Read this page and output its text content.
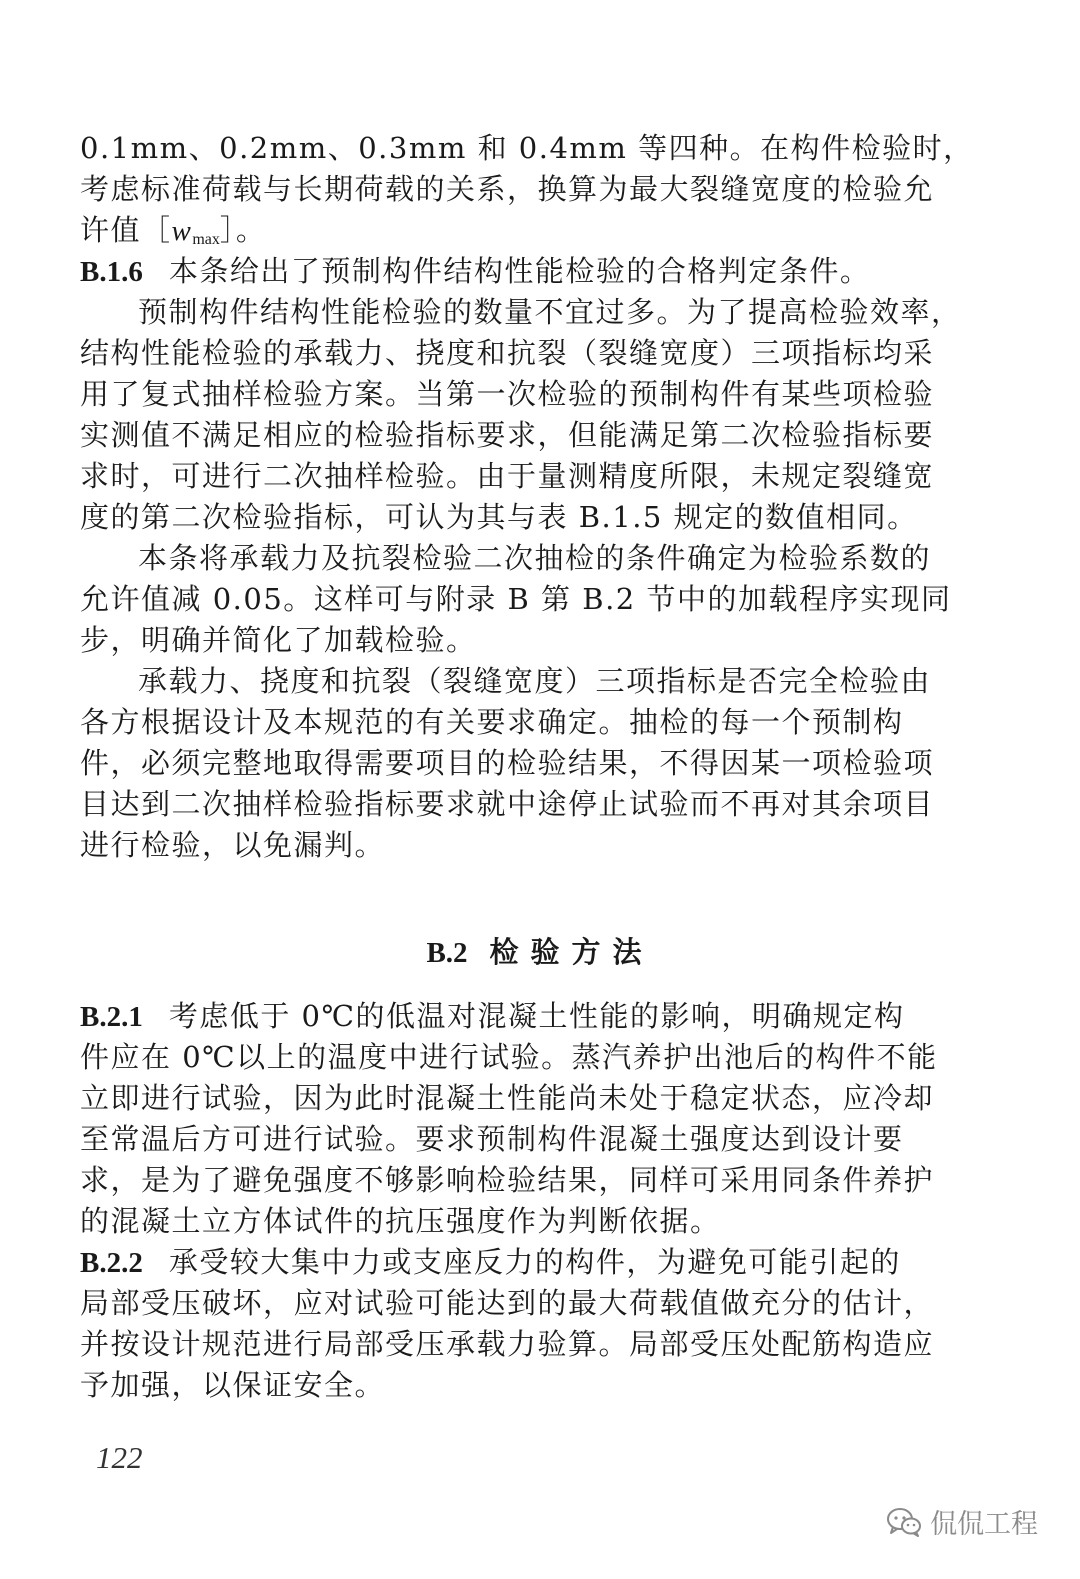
0.1mm、0.2mm、0.3mm 和 0.4mm 等四种。在构件检验时，
考虑标准荷载与长期荷载的关系，换算为最大裂缝宽度的检验允
许值［wmax］。
B.1.6 本条给出了预制构件结构性能检验的合格判定条件。
预制构件结构性能检验的数量不宜过多。为了提高检验效率，
结构性能检验的承载力、挠度和抗裂（裂缝宽度）三项指标均采
用了复式抽样检验方案。当第一次检验的预制构件有某些项检验
实测值不满足相应的检验指标要求，但能满足第二次检验指标要
求时，可进行二次抽样检验。由于量测精度所限，未规定裂缝宽
度的第二次检验指标，可认为其与表 B.1.5 规定的数值相同。
本条将承载力及抗裂检验二次抽检的条件确定为检验系数的
允许值减 0.05。这样可与附录 B 第 B.2 节中的加载程序实现同
步，明确并简化了加载检验。
承载力、挠度和抗裂（裂缝宽度）三项指标是否完全检验由
各方根据设计及本规范的有关要求确定。抽检的每一个预制构
件，必须完整地取得需要项目的检验结果，不得因某一项检验项
目达到二次抽样检验指标要求就中途停止试验而不再对其余项目
进行检验，以免漏判。
B.2 检验方法
B.2.1 考虑低于 0℃的低温对混凝土性能的影响，明确规定构
件应在 0℃以上的温度中进行试验。蒸汽养护出池后的构件不能
立即进行试验，因为此时混凝土性能尚未处于稳定状态，应冷却
至常温后方可进行试验。要求预制构件混凝土强度达到设计要
求，是为了避免强度不够影响检验结果，同样可采用同条件养护
的混凝土立方体试件的抗压强度作为判断依据。
B.2.2 承受较大集中力或支座反力的构件，为避免可能引起的
局部受压破坏，应对试验可能达到的最大荷载值做充分的估计，
并按设计规范进行局部受压承载力验算。局部受压处配筋构造应
予加强，以保证安全。
122
侃侃工程
